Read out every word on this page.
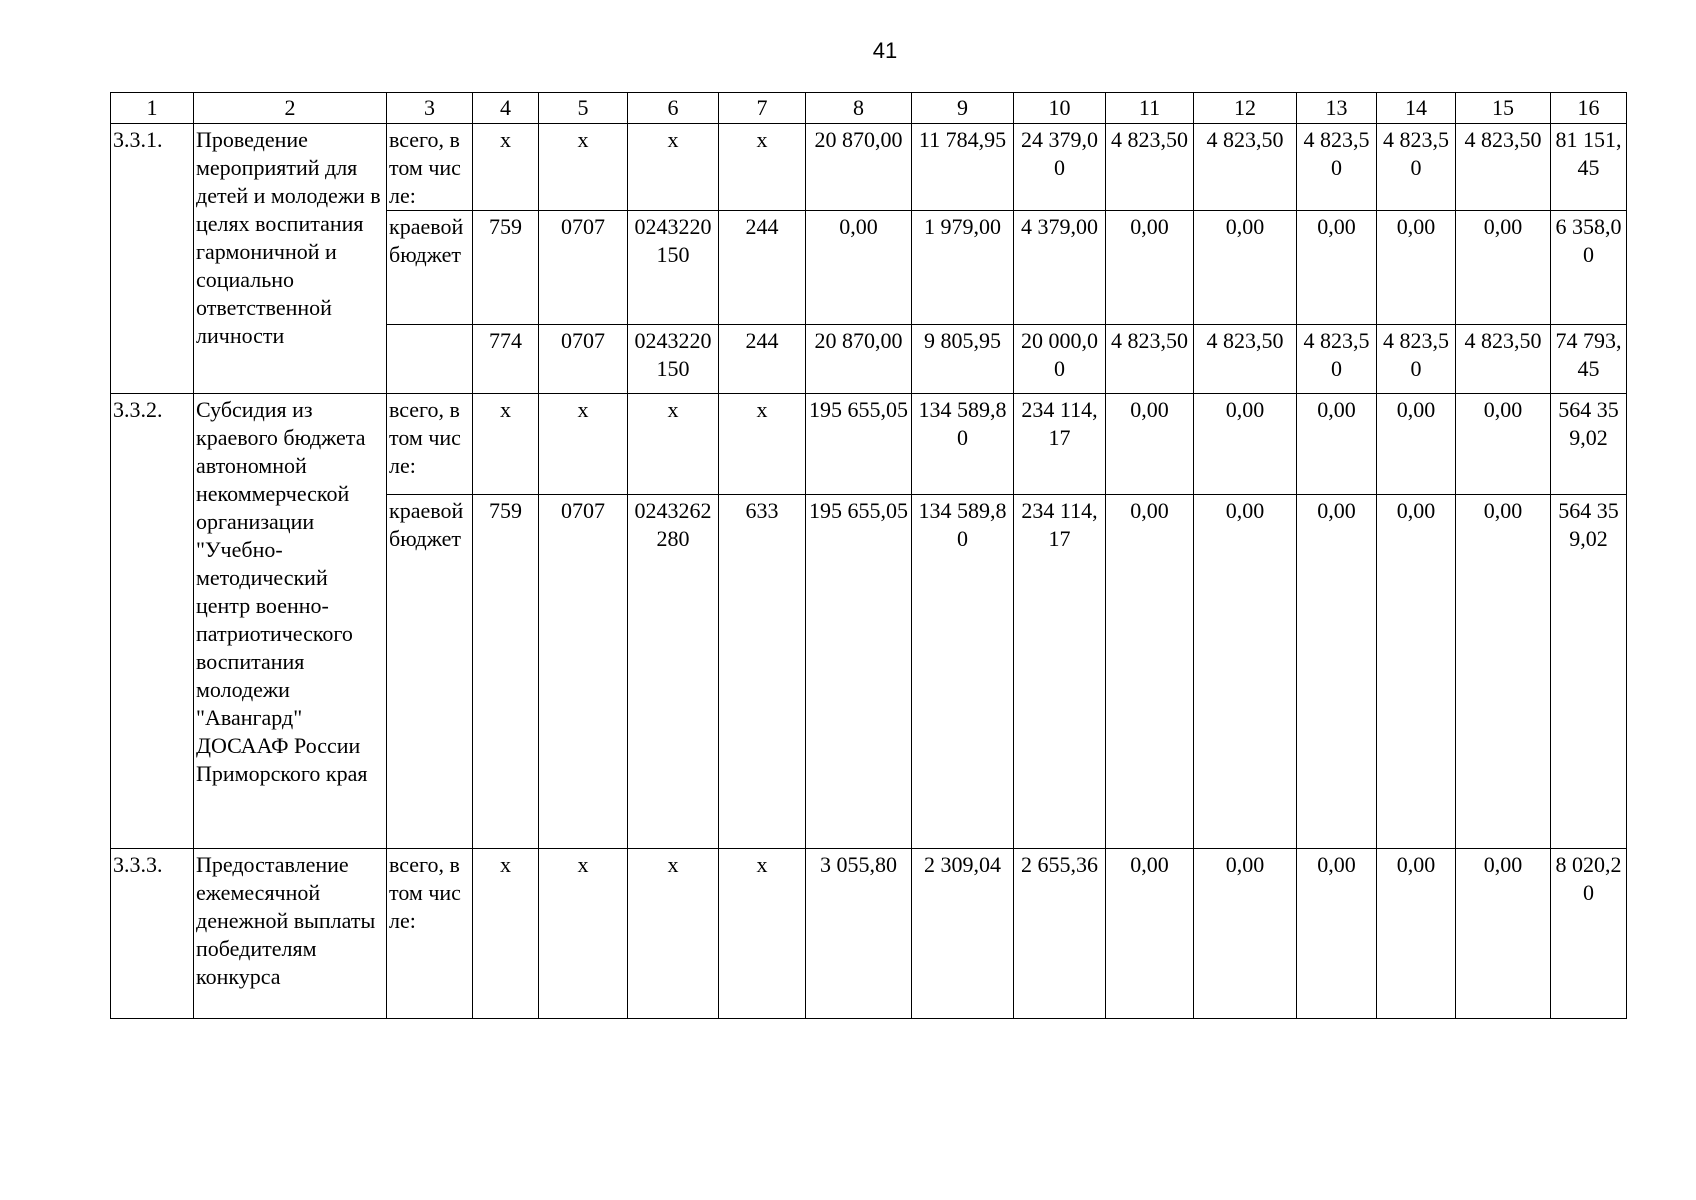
41
1	2	3	4	5	6	7	8	9	10	11	12	13	14	15	16
3.3.1.	Проведение мероприятий для детей и молодежи в целях воспитания гармоничной и социально ответственной личности	всего, в том числе:	x	x	x	x	20 870,00	11 784,95	24 379,00	4 823,50	4 823,50	4 823,50	4 823,50	4 823,50	81 151,45
		краевой бюджет	759	0707	0243220150	244	0,00	1 979,00	4 379,00	0,00	0,00	0,00	0,00	0,00	6 358,00
			774	0707	0243220150	244	20 870,00	9 805,95	20 000,00	4 823,50	4 823,50	4 823,50	4 823,50	4 823,50	74 793,45
3.3.2.	Субсидия из краевого бюджета автономной некоммерческой организации "Учебно-методический центр военно-патриотического воспитания молодежи "Авангард" ДОСААФ России Приморского края	всего, в том числе:	x	x	x	x	195 655,05	134 589,80	234 114,17	0,00	0,00	0,00	0,00	0,00	564 359,02
		краевой бюджет	759	0707	0243262280	633	195 655,05	134 589,80	234 114,17	0,00	0,00	0,00	0,00	0,00	564 359,02
3.3.3.	Предоставление ежемесячной денежной выплаты победителям конкурса	всего, в том числе:	x	x	x	x	3 055,80	2 309,04	2 655,36	0,00	0,00	0,00	0,00	0,00	8 020,20
